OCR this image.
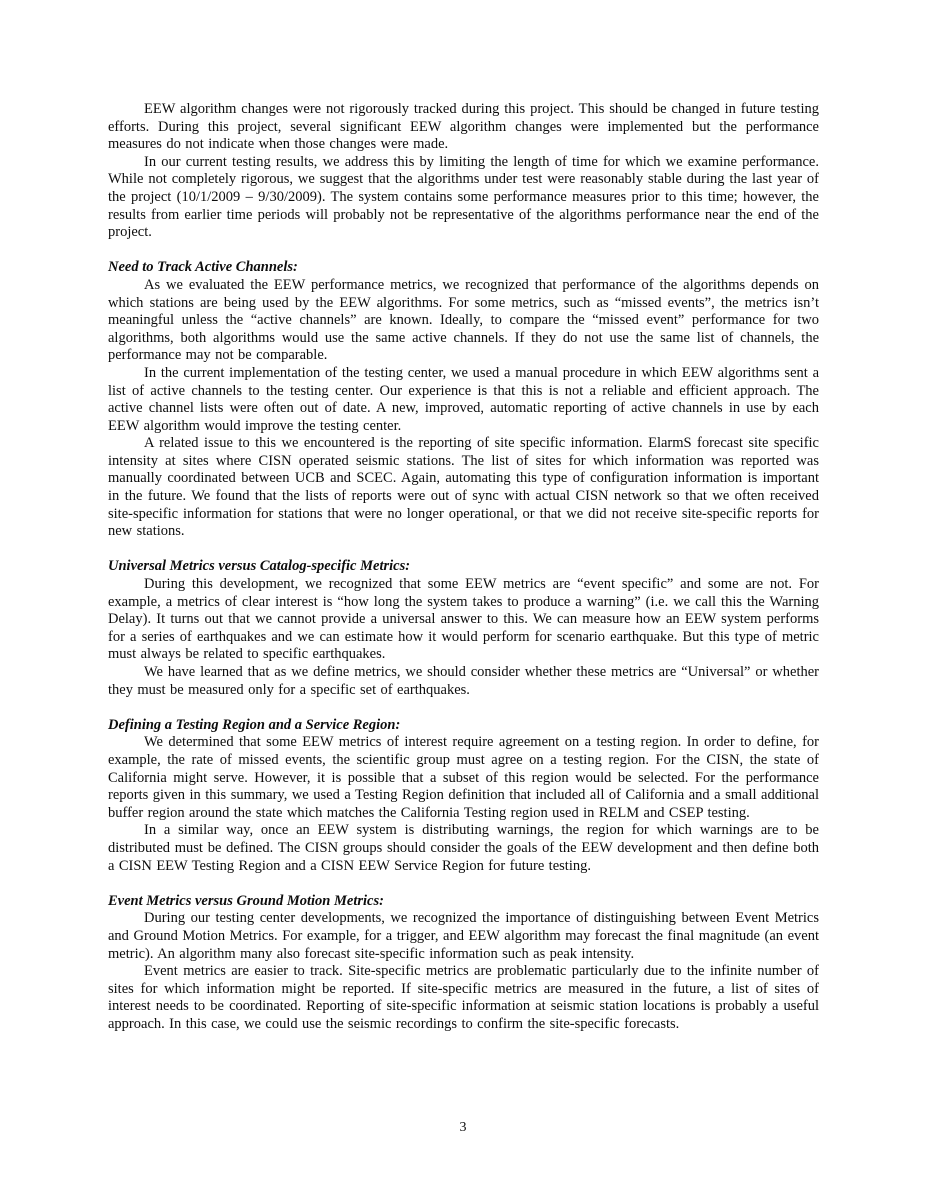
EEW algorithm changes were not rigorously tracked during this project. This should be changed in future testing efforts. During this project, several significant EEW algorithm changes were implemented but the performance measures do not indicate when those changes were made.

In our current testing results, we address this by limiting the length of time for which we examine performance. While not completely rigorous, we suggest that the algorithms under test were reasonably stable during the last year of the project (10/1/2009 – 9/30/2009). The system contains some performance measures prior to this time; however, the results from earlier time periods will probably not be representative of the algorithms performance near the end of the project.

Need to Track Active Channels:

As we evaluated the EEW performance metrics, we recognized that performance of the algorithms depends on which stations are being used by the EEW algorithms. For some metrics, such as “missed events”, the metrics isn’t meaningful unless the “active channels” are known. Ideally, to compare the “missed event” performance for two algorithms, both algorithms would use the same active channels. If they do not use the same list of channels, the performance may not be comparable.

In the current implementation of the testing center, we used a manual procedure in which EEW algorithms sent a list of active channels to the testing center. Our experience is that this is not a reliable and efficient approach. The active channel lists were often out of date. A new, improved, automatic reporting of active channels in use by each EEW algorithm would improve the testing center.

A related issue to this we encountered is the reporting of site specific information. ElarmS forecast site specific intensity at sites where CISN operated seismic stations. The list of sites for which information was reported was manually coordinated between UCB and SCEC. Again, automating this type of configuration information is important in the future. We found that the lists of reports were out of sync with actual CISN network so that we often received site-specific information for stations that were no longer operational, or that we did not receive site-specific reports for new stations.

Universal Metrics versus Catalog-specific Metrics:

During this development, we recognized that some EEW metrics are “event specific” and some are not. For example, a metrics of clear interest is “how long the system takes to produce a warning” (i.e. we call this the Warning Delay). It turns out that we cannot provide a universal answer to this. We can measure how an EEW system performs for a series of earthquakes and we can estimate how it would perform for scenario earthquake. But this type of metric must always be related to specific earthquakes.

We have learned that as we define metrics, we should consider whether these metrics are “Universal” or whether they must be measured only for a specific set of earthquakes.

Defining a Testing Region and a Service Region:

We determined that some EEW metrics of interest require agreement on a testing region. In order to define, for example, the rate of missed events, the scientific group must agree on a testing region. For the CISN, the state of California might serve. However, it is possible that a subset of this region would be selected. For the performance reports given in this summary, we used a Testing Region definition that included all of California and a small additional buffer region around the state which matches the California Testing region used in RELM and CSEP testing.

In a similar way, once an EEW system is distributing warnings, the region for which warnings are to be distributed must be defined. The CISN groups should consider the goals of the EEW development and then define both a CISN EEW Testing Region and a CISN EEW Service Region for future testing.

Event Metrics versus Ground Motion Metrics:

During our testing center developments, we recognized the importance of distinguishing between Event Metrics and Ground Motion Metrics. For example, for a trigger, and EEW algorithm may forecast the final magnitude (an event metric). An algorithm many also forecast site-specific information such as peak intensity.

Event metrics are easier to track. Site-specific metrics are problematic particularly due to the infinite number of sites for which information might be reported. If site-specific metrics are measured in the future, a list of sites of interest needs to be coordinated. Reporting of site-specific information at seismic station locations is probably a useful approach. In this case, we could use the seismic recordings to confirm the site-specific forecasts.

3
